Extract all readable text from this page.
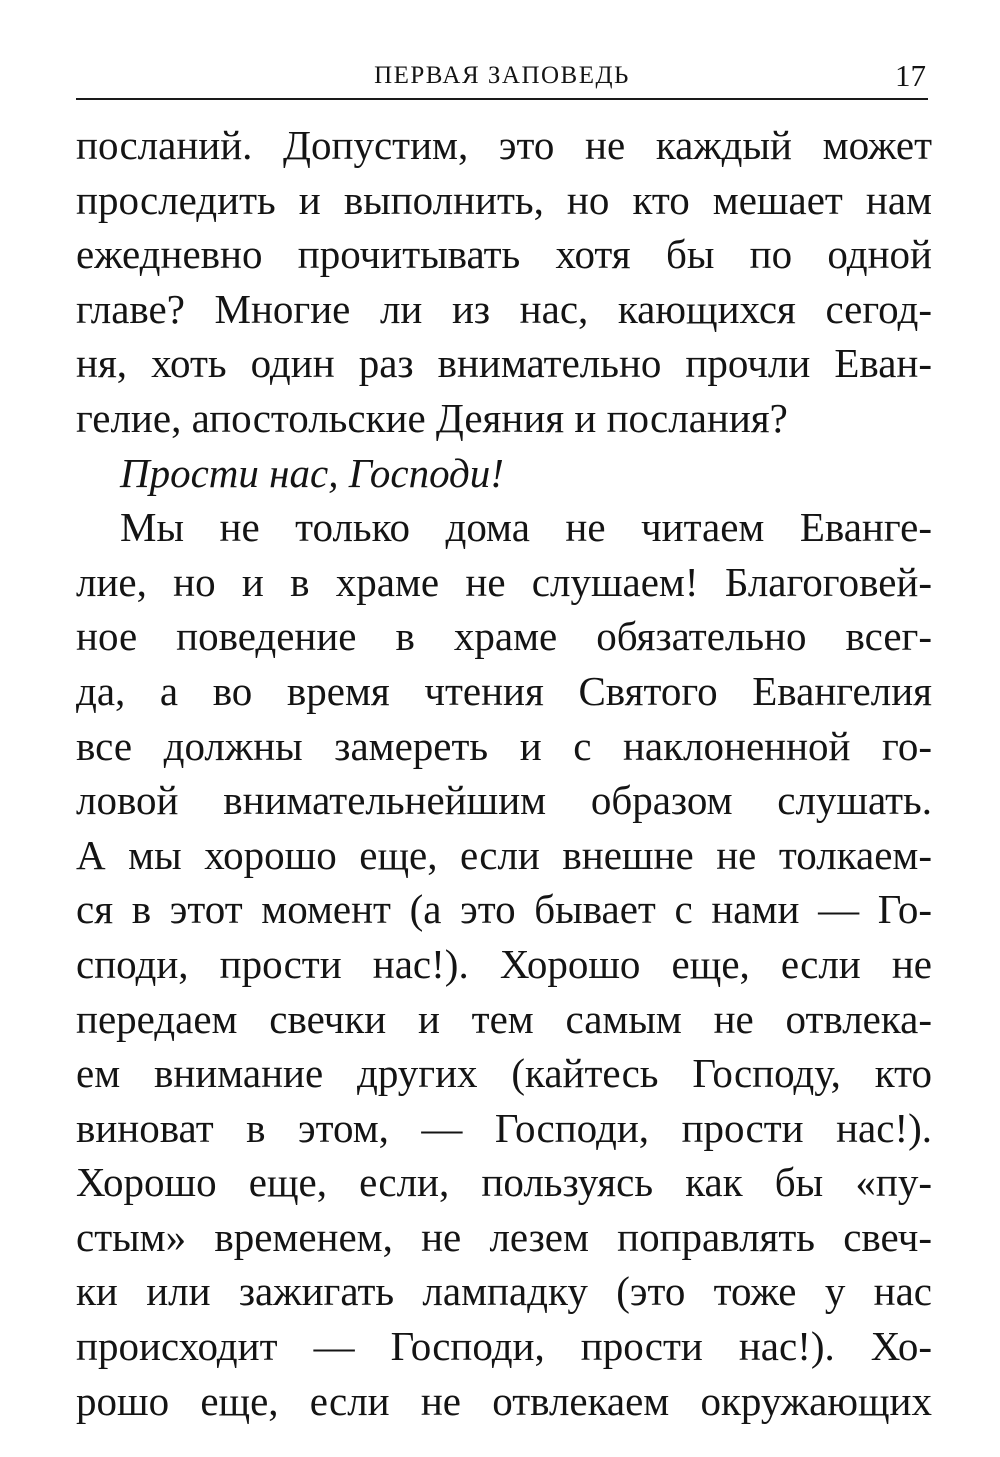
ПЕРВАЯ ЗАПОВЕДЬ	17
посланий. Допустим, это не каждый может
проследить и выполнить, но кто мешает нам
ежедневно прочитывать хотя бы по одной
главе? Многие ли из нас, кающихся сегод-
ня, хоть один раз внимательно прочли Еван-
гелие, апостольские Деяния и послания?
Прости нас, Господи!
Мы не только дома не читаем Еванге-
лие, но и в храме не слушаем! Благоговей-
ное поведение в храме обязательно всег-
да, а во время чтения Святого Евангелия
все должны замереть и с наклоненной го-
ловой внимательнейшим образом слушать.
А мы хорошо еще, если внешне не толкаем-
ся в этот момент (а это бывает с нами — Го-
споди, прости нас!). Хорошо еще, если не
передаем свечки и тем самым не отвлека-
ем внимание других (кайтесь Господу, кто
виноват в этом, — Господи, прости нас!).
Хорошо еще, если, пользуясь как бы «пу-
стым» временем, не лезем поправлять свеч-
ки или зажигать лампадку (это тоже у нас
происходит — Господи, прости нас!). Хо-
рошо еще, если не отвлекаем окружающих
